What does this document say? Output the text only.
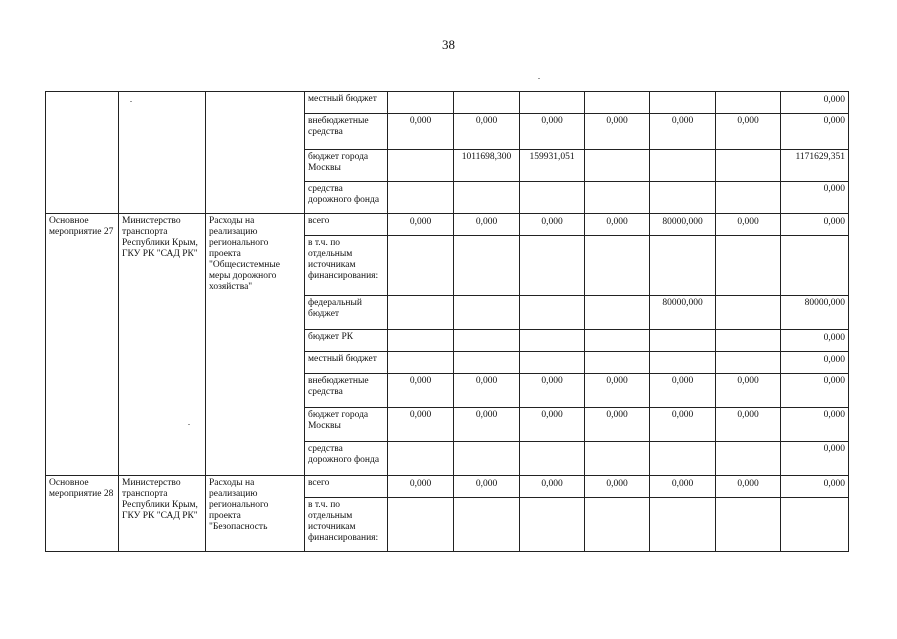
38
			местный бюджет							0,000
			внебюджетные средства	0,000	0,000	0,000	0,000	0,000	0,000	0,000
			бюджет города Москвы		1011698,300	159931,051				1171629,351
			средства дорожного фонда							0,000
Основное мероприятие 27	Министерство транспорта Республики Крым, ГКУ РК "САД РК"	Расходы на реализацию регионального проекта "Общесистемные меры дорожного хозяйства"	всего	0,000	0,000	0,000	0,000	80000,000	0,000	0,000
			в т.ч. по отдельным источникам финансирования:							
			федеральный бюджет					80000,000		80000,000
			бюджет РК							0,000
			местный бюджет							0,000
			внебюджетные средства	0,000	0,000	0,000	0,000	0,000	0,000	0,000
			бюджет города Москвы	0,000	0,000	0,000	0,000	0,000	0,000	0,000
			средства дорожного фонда							0,000
Основное мероприятие 28	Министерство транспорта Республики Крым, ГКУ РК "САД РК"	Расходы на реализацию регионального проекта "Безопасность	всего	0,000	0,000	0,000	0,000	0,000	0,000	0,000
			в т.ч. по отдельным источникам финансирования:							
